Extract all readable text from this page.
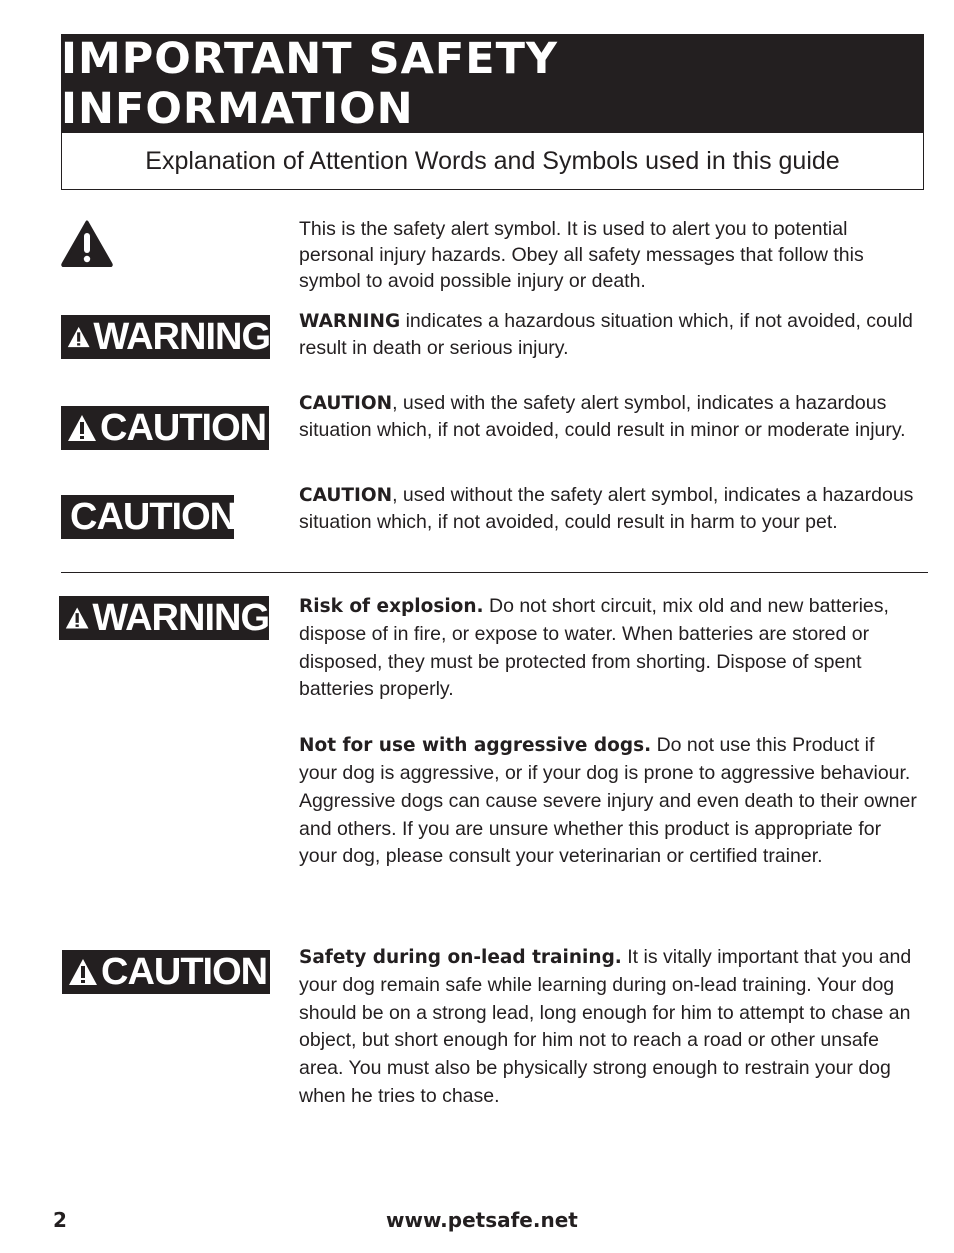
IMPORTANT SAFETY INFORMATION
Explanation of Attention Words and Symbols used in this guide

This is the safety alert symbol. It is used to alert you to potential personal injury hazards. Obey all safety messages that follow this symbol to avoid possible injury or death.

WARNING WARNING indicates a hazardous situation which, if not avoided, could result in death or serious injury.

CAUTION

CAUTION, used with the safety alert symbol, indicates a hazardous situation which, if not avoided, could result in minor or moderate injury.

CAUTION	CAUTION, used without the safety alert symbol, indicates a hazardous situation which, if not avoided, could result in harm to your pet.

WARNING Risk of explosion. Do not short circuit, mix old and new batteries, dispose of in fire, or expose to water. When batteries are stored or disposed, they must be protected from shorting. Dispose of spent batteries properly.

Not for use with aggressive dogs. Do not use this Product if your dog is aggressive, or if your dog is prone to aggressive behaviour. Aggressive dogs can cause severe injury and even death to their owner and others. If you are unsure whether this product is appropriate for your dog, please consult your veterinarian or certified trainer.

CAUTION Safety during on-lead training. It is vitally important that you and your dog remain safe while learning during on-lead training. Your dog should be on a strong lead, long enough for him to attempt to chase an object, but short enough for him not to reach a road or other unsafe area. You must also be physically strong enough to restrain your dog when he tries to chase.

2	www.petsafe.net
